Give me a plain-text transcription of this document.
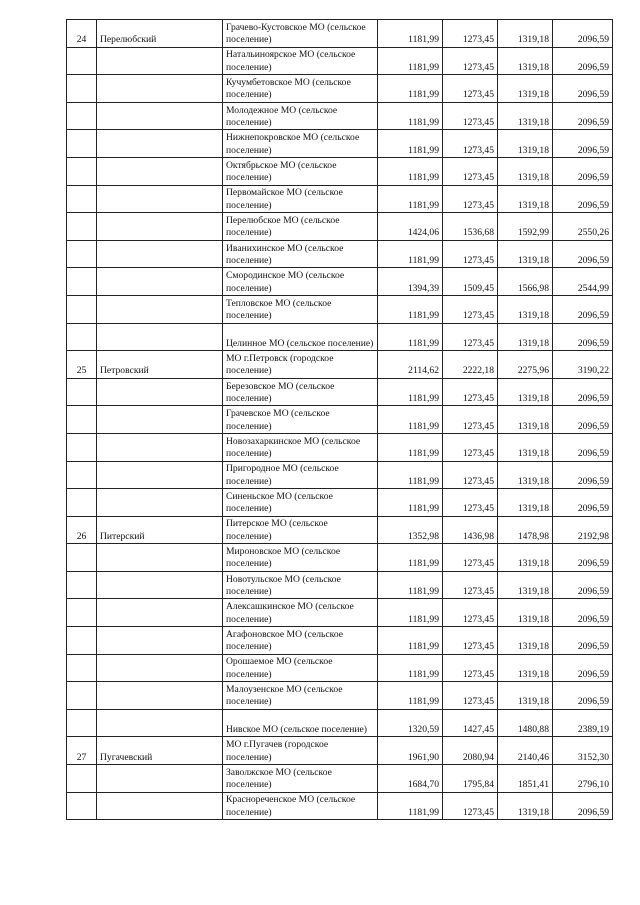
24	Перелюбский	Грачево-Кустовское МО (сельское поселение)	1181,99	1273,45	1319,18	2096,59
		Натальиноярское МО (сельское поселение)	1181,99	1273,45	1319,18	2096,59
		Кучумбетовское МО (сельское поселение)	1181,99	1273,45	1319,18	2096,59
		Молодежное МО (сельское поселение)	1181,99	1273,45	1319,18	2096,59
		Нижнепокровское МО (сельское поселение)	1181,99	1273,45	1319,18	2096,59
		Октябрьское МО (сельское поселение)	1181,99	1273,45	1319,18	2096,59
		Первомайское МО (сельское поселение)	1181,99	1273,45	1319,18	2096,59
		Перелюбское МО (сельское поселение)	1424,06	1536,68	1592,99	2550,26
		Иванихинское МО (сельское поселение)	1181,99	1273,45	1319,18	2096,59
		Смородинское МО (сельское поселение)	1394,39	1509,45	1566,98	2544,99
		Тепловское МО (сельское поселение)	1181,99	1273,45	1319,18	2096,59
		Целинное МО (сельское поселение)	1181,99	1273,45	1319,18	2096,59
25	Петровский	МО г.Петровск (городское поселение)	2114,62	2222,18	2275,96	3190,22
		Березовское МО (сельское поселение)	1181,99	1273,45	1319,18	2096,59
		Грачевское МО (сельское поселение)	1181,99	1273,45	1319,18	2096,59
		Новозахаркинское МО (сельское поселение)	1181,99	1273,45	1319,18	2096,59
		Пригородное МО (сельское поселение)	1181,99	1273,45	1319,18	2096,59
		Синеньское МО (сельское поселение)	1181,99	1273,45	1319,18	2096,59
26	Питерский	Питерское МО (сельское поселение)	1352,98	1436,98	1478,98	2192,98
		Мироновское МО (сельское поселение)	1181,99	1273,45	1319,18	2096,59
		Новотульское МО (сельское поселение)	1181,99	1273,45	1319,18	2096,59
		Алексашкинское МО (сельское поселение)	1181,99	1273,45	1319,18	2096,59
		Агафоновское МО (сельское поселение)	1181,99	1273,45	1319,18	2096,59
		Орошаемое МО (сельское поселение)	1181,99	1273,45	1319,18	2096,59
		Малоузенское МО (сельское поселение)	1181,99	1273,45	1319,18	2096,59
		Нивское МО (сельское поселение)	1320,59	1427,45	1480,88	2389,19
27	Пугачевский	МО г.Пугачев (городское поселение)	1961,90	2080,94	2140,46	3152,30
		Заволжское МО (сельское поселение)	1684,70	1795,84	1851,41	2796,10
		Краснореченское МО (сельское поселение)	1181,99	1273,45	1319,18	2096,59
